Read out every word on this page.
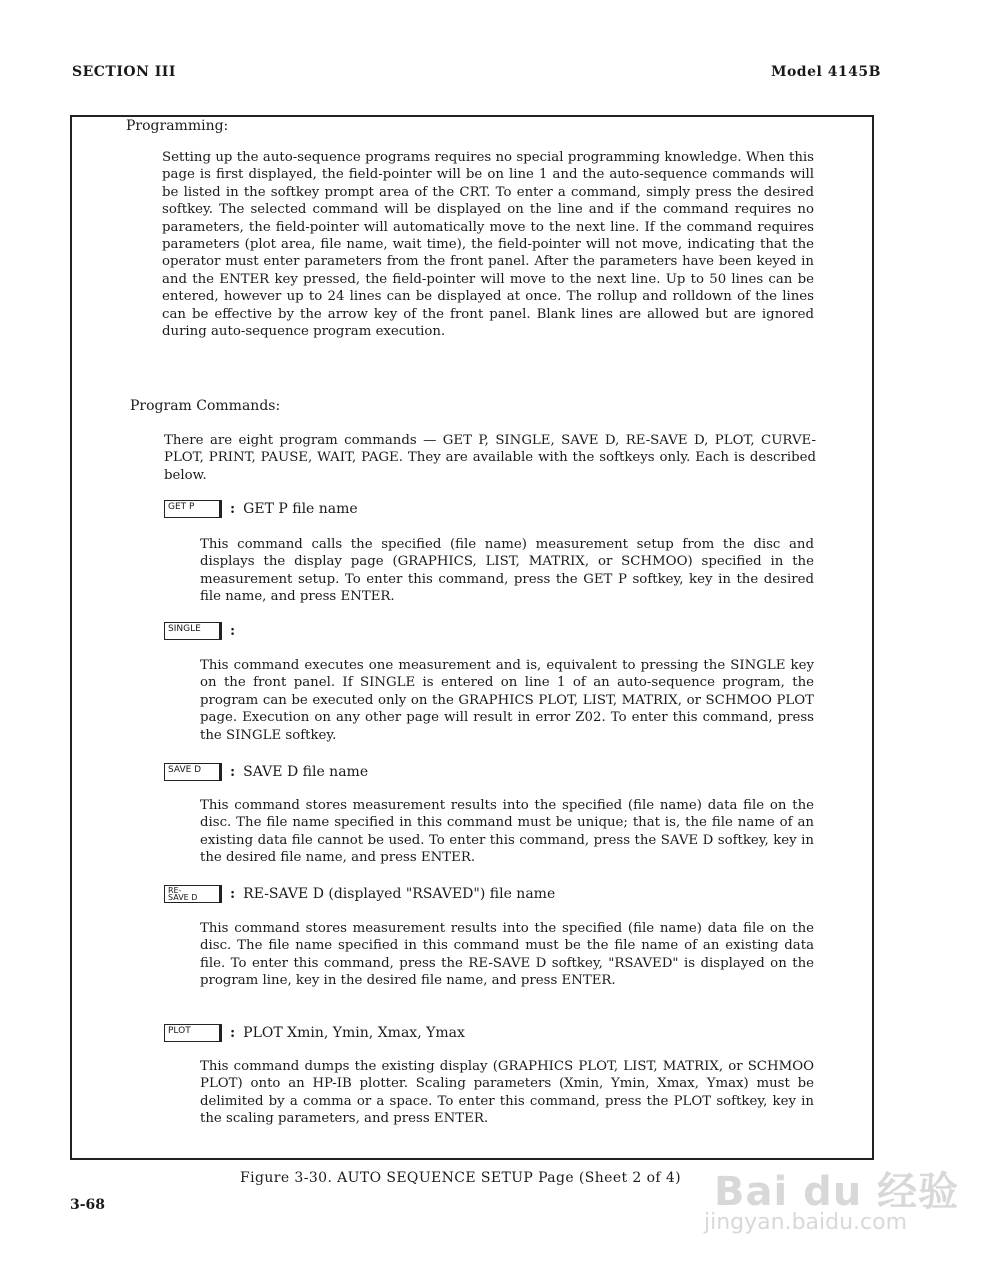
SECTION III	Model 4145B
Programming:

Setting up the auto-sequence programs requires no special programming knowledge. When this page is first displayed, the field-pointer will be on line 1 and the auto-sequence commands will be listed in the softkey prompt area of the CRT. To enter a command, simply press the desired softkey. The selected command will be displayed on the line and if the command requires no parameters, the field-pointer will automatically move to the next line. If the command requires parameters (plot area, file name, wait time), the field-pointer will not move, indicating that the operator must enter parameters from the front panel. After the parameters have been keyed in and the ENTER key pressed, the field-pointer will move to the next line. Up to 50 lines can be entered, however up to 24 lines can be displayed at once. The rollup and rolldown of the lines can be effective by the arrow key of the front panel. Blank lines are allowed but are ignored during auto-sequence program execution.

Program Commands:

There are eight program commands — GET P, SINGLE, SAVE D, RE-SAVE D, PLOT, CURVE-PLOT, PRINT, PAUSE, WAIT, PAGE. They are available with the softkeys only. Each is described below.

GET P	: GET P file name

This command calls the specified (file name) measurement setup from the disc and displays the display page (GRAPHICS, LIST, MATRIX, or SCHMOO) specified in the measurement setup. To enter this command, press the GET P softkey, key in the desired file name, and press ENTER.

SINGLE	:

This command executes one measurement and is, equivalent to pressing the SINGLE key on the front panel. If SINGLE is entered on line 1 of an auto-sequence program, the program can be executed only on the GRAPHICS PLOT, LIST, MATRIX, or SCHMOO PLOT page. Execution on any other page will result in error Z02. To enter this command, press the SINGLE softkey.

SAVE D	: SAVE D file name

This command stores measurement results into the specified (file name) data file on the disc. The file name specified in this command must be unique; that is, the file name of an existing data file cannot be used. To enter this command, press the SAVE D softkey, key in the desired file name, and press ENTER.

RE-
SAVE D	: RE-SAVE D (displayed "RSAVED") file name

This command stores measurement results into the specified (file name) data file on the disc. The file name specified in this command must be the file name of an existing data file. To enter this command, press the RE-SAVE D softkey, "RSAVED" is displayed on the program line, key in the desired file name, and press ENTER.

PLOT	: PLOT Xmin, Ymin, Xmax, Ymax

This command dumps the existing display (GRAPHICS PLOT, LIST, MATRIX, or SCHMOO PLOT) onto an HP-IB plotter. Scaling parameters (Xmin, Ymin, Xmax, Ymax) must be delimited by a comma or a space. To enter this command, press the PLOT softkey, key in the scaling parameters, and press ENTER.

Figure 3-30. AUTO SEQUENCE SETUP Page (Sheet 2 of 4)
3-68	Bai du 经验
jingyan.baidu.com
